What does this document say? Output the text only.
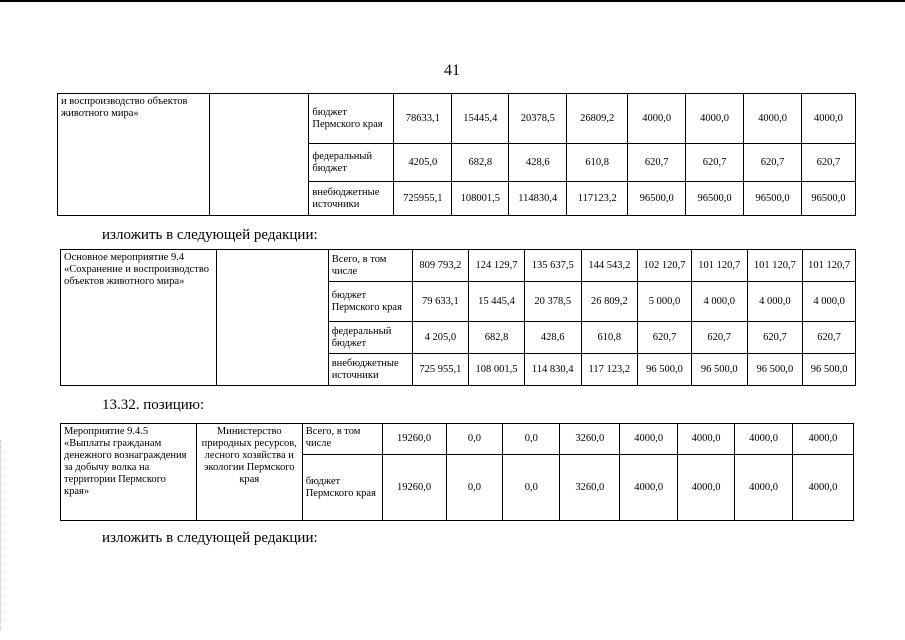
41
и воспроизводство объектов животного мира»		бюджет Пермского края	78633,1	15445,4	20378,5	26809,2	4000,0	4000,0	4000,0	4000,0
		федеральный бюджет	4205,0	682,8	428,6	610,8	620,7	620,7	620,7	620,7
		внебюджетные источники	725955,1	108001,5	114830,4	117123,2	96500,0	96500,0	96500,0	96500,0
изложить в следующей редакции:
Основное мероприятие 9.4 «Сохранение и воспроизводство объектов животного мира»		Всего, в том числе	809 793,2	124 129,7	135 637,5	144 543,2	102 120,7	101 120,7	101 120,7	101 120,7
		бюджет Пермского края	79 633,1	15 445,4	20 378,5	26 809,2	5 000,0	4 000,0	4 000,0	4 000,0
		федеральный бюджет	4 205,0	682,8	428,6	610,8	620,7	620,7	620,7	620,7
		внебюджетные источники	725 955,1	108 001,5	114 830,4	117 123,2	96 500,0	96 500,0	96 500,0	96 500,0
13.32. позицию:
Мероприятие 9.4.5 «Выплаты гражданам денежного вознаграждения за добычу волка на территории Пермского края»	Министерство природных ресурсов, лесного хозяйства и экологии Пермского края	Всего, в том числе	19260,0	0,0	0,0	3260,0	4000,0	4000,0	4000,0	4000,0
		бюджет Пермского края	19260,0	0,0	0,0	3260,0	4000,0	4000,0	4000,0	4000,0
изложить в следующей редакции:
